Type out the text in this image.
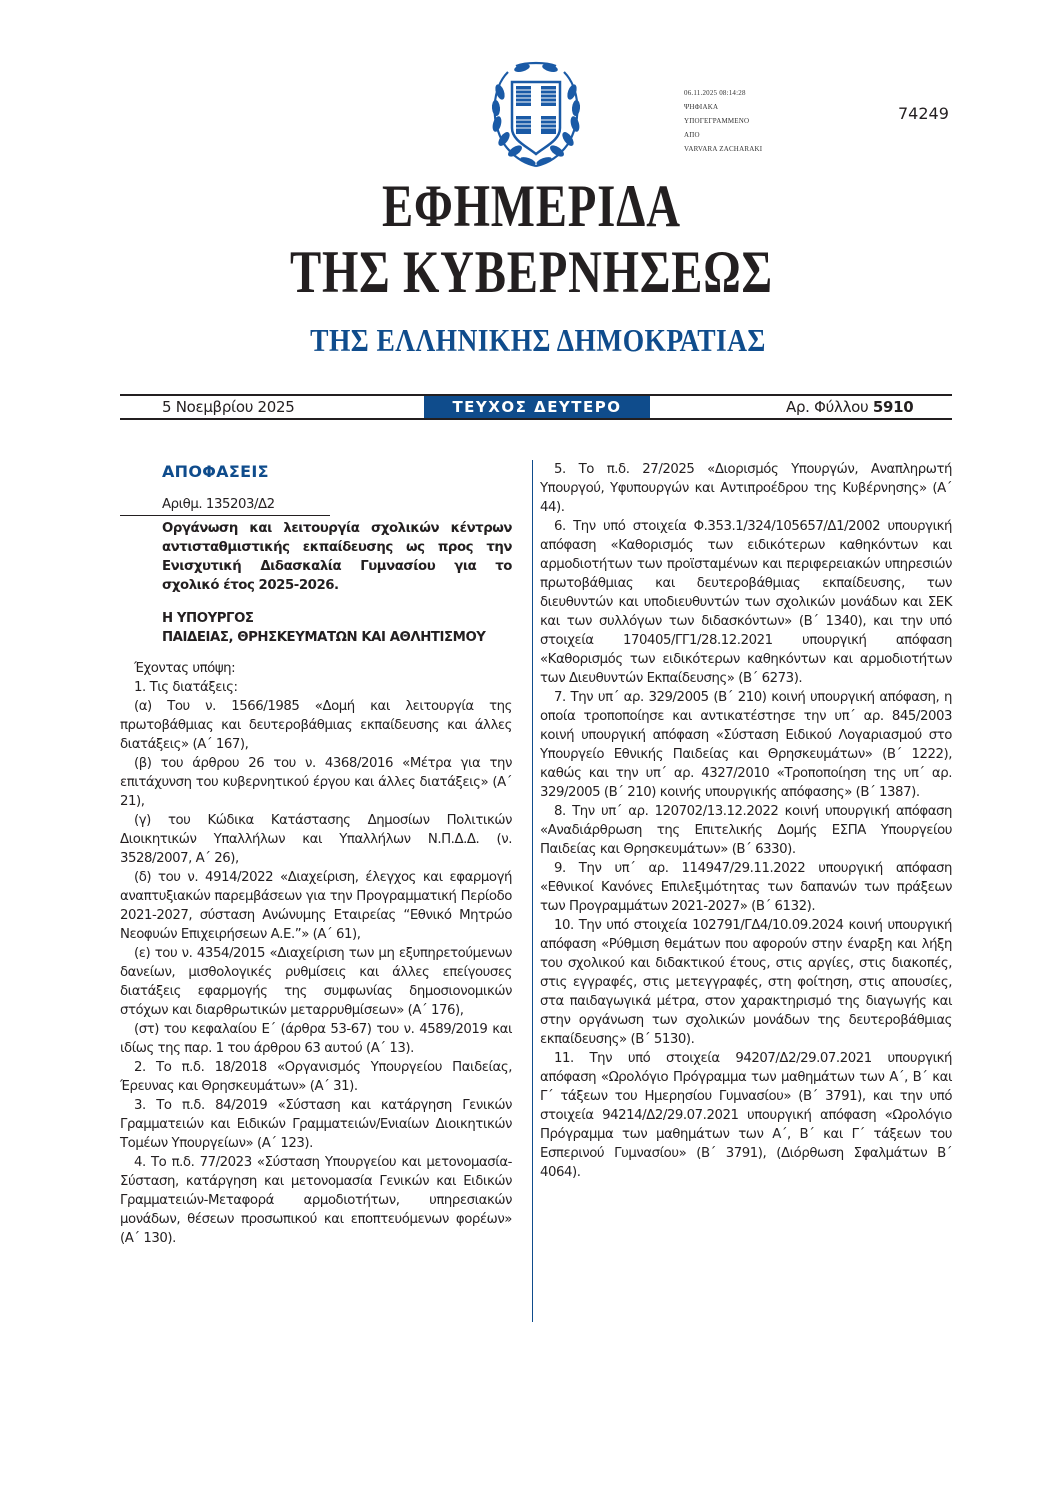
06.11.2025 08:14:28
ΨΗΦΙΑΚΑ
ΥΠΟΓΕΓΡΑΜΜΕΝΟ
ΑΠΟ
VARVARA ZACHARAKI
74249
ΕΦΗΜΕΡΙΔΑ
ΤΗΣ ΚΥΒΕΡΝΗΣΕΩΣ
ΤΗΣ ΕΛΛΗΝΙΚΗΣ ΔΗΜΟΚΡΑΤΙΑΣ
5 Νοεμβρίου 2025	ΤΕΥΧΟΣ ΔΕΥΤΕΡΟ	Αρ. Φύλλου 5910
ΑΠΟΦΑΣΕΙΣ
Αριθμ. 135203/Δ2
Οργάνωση και λειτουργία σχολικών κέντρων αντισταθμιστικής εκπαίδευσης ως προς την Ενισχυτική Διδασκαλία Γυμνασίου για το σχολικό έτος 2025-2026.
Η ΥΠΟΥΡΓΟΣ
ΠΑΙΔΕΙΑΣ, ΘΡΗΣΚΕΥΜΑΤΩΝ ΚΑΙ ΑΘΛΗΤΙΣΜΟΥ

Έχοντας υπόψη:

1. Τις διατάξεις:

(α) Του ν. 1566/1985 «Δομή και λειτουργία της πρωτοβάθμιας και δευτεροβάθμιας εκπαίδευσης και άλλες διατάξεις» (Α΄ 167),

(β) του άρθρου 26 του ν. 4368/2016 «Μέτρα για την επιτάχυνση του κυβερνητικού έργου και άλλες διατάξεις» (Α΄ 21),

(γ) του Κώδικα Κατάστασης Δημοσίων Πολιτικών Διοικητικών Υπαλλήλων και Υπαλλήλων Ν.Π.Δ.Δ. (ν. 3528/2007, Α΄ 26),

(δ) του ν. 4914/2022 «Διαχείριση, έλεγχος και εφαρμογή αναπτυξιακών παρεμβάσεων για την Προγραμματική Περίοδο 2021-2027, σύσταση Ανώνυμης Εταιρείας “Εθνικό Μητρώο Νεοφυών Επιχειρήσεων Α.Ε.”» (Α΄ 61),

(ε) του ν. 4354/2015 «Διαχείριση των μη εξυπηρετούμενων δανείων, μισθολογικές ρυθμίσεις και άλλες επείγουσες διατάξεις εφαρμογής της συμφωνίας δημοσιονομικών στόχων και διαρθρωτικών μεταρρυθμίσεων» (Α΄ 176),

(στ) του κεφαλαίου Ε΄ (άρθρα 53-67) του ν. 4589/2019 και ιδίως της παρ. 1 του άρθρου 63 αυτού (Α΄ 13).

2. Το π.δ. 18/2018 «Οργανισμός Υπουργείου Παιδείας, Έρευνας και Θρησκευμάτων» (Α΄ 31).

3. Το π.δ. 84/2019 «Σύσταση και κατάργηση Γενικών Γραμματειών και Ειδικών Γραμματειών/Ενιαίων Διοικητικών Τομέων Υπουργείων» (Α΄ 123).

4. Το π.δ. 77/2023 «Σύσταση Υπουργείου και μετονομασία-Σύσταση, κατάργηση και μετονομασία Γενικών και Ειδικών Γραμματειών-Μεταφορά αρμοδιοτήτων, υπηρεσιακών μονάδων, θέσεων προσωπικού και εποπτευόμενων φορέων» (Α΄ 130).

5. Το π.δ. 27/2025 «Διορισμός Υπουργών, Αναπληρωτή Υπουργού, Υφυπουργών και Αντιπροέδρου της Κυβέρνησης» (Α΄ 44).

6. Την υπό στοιχεία Φ.353.1/324/105657/Δ1/2002 υπουργική απόφαση «Καθορισμός των ειδικότερων καθηκόντων και αρμοδιοτήτων των προϊσταμένων και περιφερειακών υπηρεσιών πρωτοβάθμιας και δευτεροβάθμιας εκπαίδευσης, των διευθυντών και υποδιευθυντών των σχολικών μονάδων και ΣΕΚ και των συλλόγων των διδασκόντων» (Β΄ 1340), και την υπό στοιχεία 170405/ΓΓ1/28.12.2021 υπουργική απόφαση «Καθορισμός των ειδικότερων καθηκόντων και αρμοδιοτήτων των Διευθυντών Εκπαίδευσης» (Β΄ 6273).

7. Την υπ΄ αρ. 329/2005 (Β΄ 210) κοινή υπουργική απόφαση, η οποία τροποποίησε και αντικατέστησε την υπ΄ αρ. 845/2003 κοινή υπουργική απόφαση «Σύσταση Ειδικού Λογαριασμού στο Υπουργείο Εθνικής Παιδείας και Θρησκευμάτων» (Β΄ 1222), καθώς και την υπ΄ αρ. 4327/2010 «Τροποποίηση της υπ΄ αρ. 329/2005 (Β΄ 210) κοινής υπουργικής απόφασης» (Β΄ 1387).

8. Την υπ΄ αρ. 120702/13.12.2022 κοινή υπουργική απόφαση «Αναδιάρθρωση της Επιτελικής Δομής ΕΣΠΑ Υπουργείου Παιδείας και Θρησκευμάτων» (Β΄ 6330).

9. Την υπ΄ αρ. 114947/29.11.2022 υπουργική απόφαση «Εθνικοί Κανόνες Επιλεξιμότητας των δαπανών των πράξεων των Προγραμμάτων 2021-2027» (Β΄ 6132).

10. Την υπό στοιχεία 102791/ΓΔ4/10.09.2024 κοινή υπουργική απόφαση «Ρύθμιση θεμάτων που αφορούν στην έναρξη και λήξη του σχολικού και διδακτικού έτους, στις αργίες, στις διακοπές, στις εγγραφές, στις μετεγγραφές, στη φοίτηση, στις απουσίες, στα παιδαγωγικά μέτρα, στον χαρακτηρισμό της διαγωγής και στην οργάνωση των σχολικών μονάδων της δευτεροβάθμιας εκπαίδευσης» (Β΄ 5130).

11. Την υπό στοιχεία 94207/Δ2/29.07.2021 υπουργική απόφαση «Ωρολόγιο Πρόγραμμα των μαθημάτων των Α΄, Β΄ και Γ΄ τάξεων του Ημερησίου Γυμνασίου» (Β΄ 3791), και την υπό στοιχεία 94214/Δ2/29.07.2021 υπουργική απόφαση «Ωρολόγιο Πρόγραμμα των μαθημάτων των Α΄, Β΄ και Γ΄ τάξεων του Εσπερινού Γυμνασίου» (Β΄ 3791), (Διόρθωση Σφαλμάτων Β΄ 4064).
